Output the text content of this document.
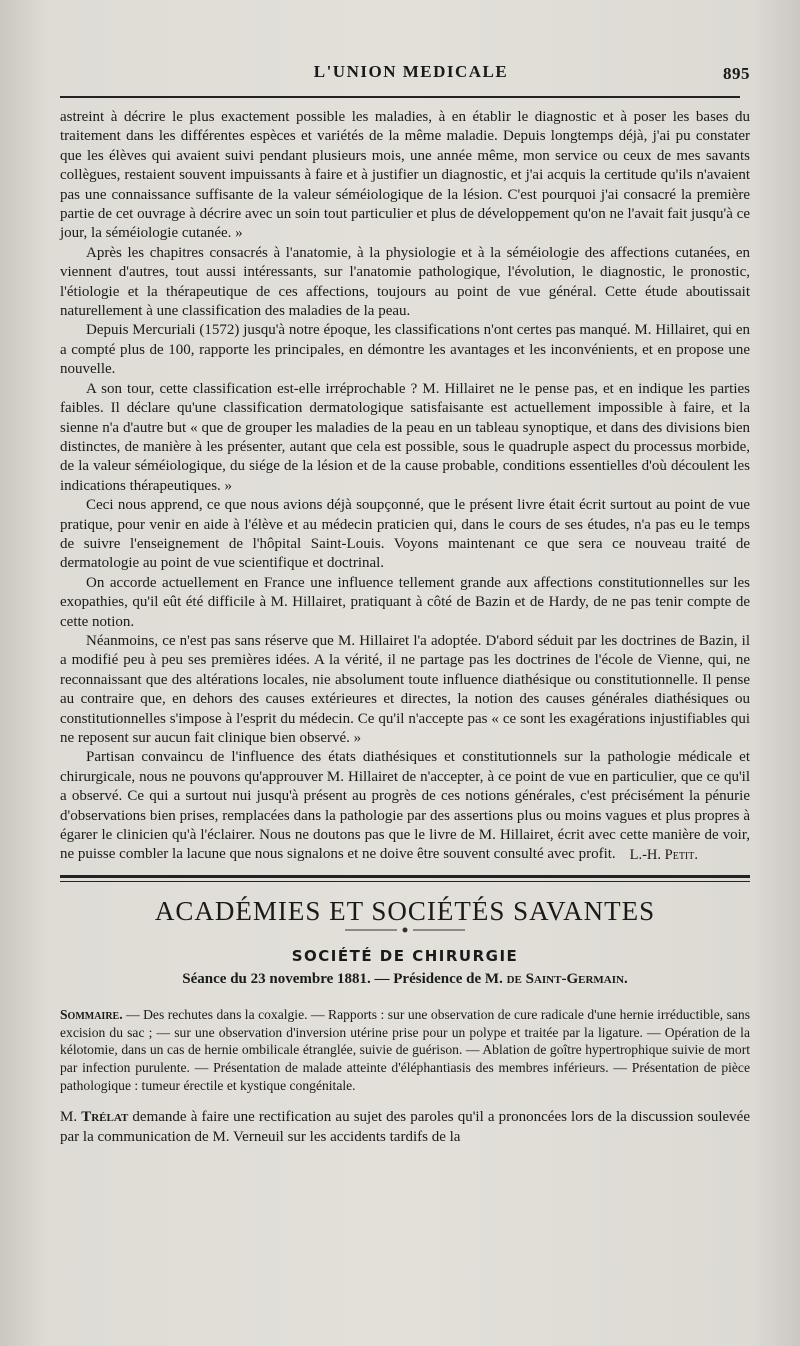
L'UNION MEDICALE	895

astreint à décrire le plus exactement possible les maladies, à en établir le diagnostic et à poser les bases du traitement dans les différentes espèces et variétés de la même maladie. Depuis longtemps déjà, j'ai pu constater que les élèves qui avaient suivi pendant plusieurs mois, une année même, mon service ou ceux de mes savants collègues, restaient souvent impuissants à faire et à justifier un diagnostic, et j'ai acquis la certitude qu'ils n'avaient pas une connaissance suffisante de la valeur séméiologique de la lésion. C'est pourquoi j'ai consacré la première partie de cet ouvrage à décrire avec un soin tout particulier et plus de développement qu'on ne l'avait fait jusqu'à ce jour, la séméiologie cutanée. »

Après les chapitres consacrés à l'anatomie, à la physiologie et à la séméiologie des affections cutanées, en viennent d'autres, tout aussi intéressants, sur l'anatomie pathologique, l'évolution, le diagnostic, le pronostic, l'étiologie et la thérapeutique de ces affections, toujours au point de vue général. Cette étude aboutissait naturellement à une classification des maladies de la peau.

Depuis Mercuriali (1572) jusqu'à notre époque, les classifications n'ont certes pas manqué. M. Hillairet, qui en a compté plus de 100, rapporte les principales, en démontre les avantages et les inconvénients, et en propose une nouvelle.

A son tour, cette classification est-elle irréprochable ? M. Hillairet ne le pense pas, et en indique les parties faibles. Il déclare qu'une classification dermatologique satisfaisante est actuellement impossible à faire, et la sienne n'a d'autre but « que de grouper les maladies de la peau en un tableau synoptique, et dans des divisions bien distinctes, de manière à les présenter, autant que cela est possible, sous le quadruple aspect du processus morbide, de la valeur séméiologique, du siége de la lésion et de la cause probable, conditions essentielles d'où découlent les indications thérapeutiques. »

Ceci nous apprend, ce que nous avions déjà soupçonné, que le présent livre était écrit surtout au point de vue pratique, pour venir en aide à l'élève et au médecin praticien qui, dans le cours de ses études, n'a pas eu le temps de suivre l'enseignement de l'hôpital Saint-Louis. Voyons maintenant ce que sera ce nouveau traité de dermatologie au point de vue scientifique et doctrinal.

On accorde actuellement en France une influence tellement grande aux affections constitutionnelles sur les exopathies, qu'il eût été difficile à M. Hillairet, pratiquant à côté de Bazin et de Hardy, de ne pas tenir compte de cette notion.

Néanmoins, ce n'est pas sans réserve que M. Hillairet l'a adoptée. D'abord séduit par les doctrines de Bazin, il a modifié peu à peu ses premières idées. A la vérité, il ne partage pas les doctrines de l'école de Vienne, qui, ne reconnaissant que des altérations locales, nie absolument toute influence diathésique ou constitutionnelle. Il pense au contraire que, en dehors des causes extérieures et directes, la notion des causes générales diathésiques ou constitutionnelles s'impose à l'esprit du médecin. Ce qu'il n'accepte pas « ce sont les exagérations injustifiables qui ne reposent sur aucun fait clinique bien observé. »

Partisan convaincu de l'influence des états diathésiques et constitutionnels sur la pathologie médicale et chirurgicale, nous ne pouvons qu'approuver M. Hillairet de n'accepter, à ce point de vue en particulier, que ce qu'il a observé. Ce qui a surtout nui jusqu'à présent au progrès de ces notions générales, c'est précisément la pénurie d'observations bien prises, remplacées dans la pathologie par des assertions plus ou moins vagues et plus propres à égarer le clinicien qu'à l'éclairer. Nous ne doutons pas que le livre de M. Hillairet, écrit avec cette manière de voir, ne puisse combler la lacune que nous signalons et ne doive être souvent consulté avec profit. L.-H. Petit.
ACADÉMIES ET SOCIÉTÉS SAVANTES
SOCIÉTÉ DE CHIRURGIE
Séance du 23 novembre 1881. — Présidence de M. de Saint-Germain.
Sommaire. — Des rechutes dans la coxalgie. — Rapports : sur une observation de cure radicale d'une hernie irréductible, sans excision du sac ; — sur une observation d'inversion utérine prise pour un polype et traitée par la ligature. — Opération de la kélotomie, dans un cas de hernie ombilicale étranglée, suivie de guérison. — Ablation de goître hypertrophique suivie de mort par infection purulente. — Présentation de malade atteinte d'éléphantiasis des membres inférieurs. — Présentation de pièce pathologique : tumeur érectile et kystique congénitale.

M. Trélat demande à faire une rectification au sujet des paroles qu'il a prononcées lors de la discussion soulevée par la communication de M. Verneuil sur les accidents tardifs de la
